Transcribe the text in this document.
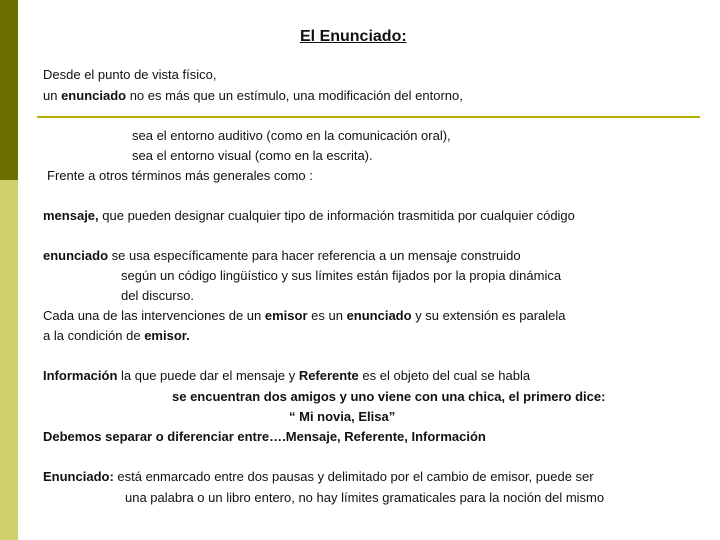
El Enunciado:
Desde el punto de vista físico,
un enunciado no es más que un estímulo, una modificación del entorno,
sea el entorno auditivo (como en la comunicación oral),
sea el entorno visual (como en la escrita).
Frente a otros términos más generales como :
mensaje, que pueden designar cualquier tipo de información trasmitida por cualquier código
enunciado se usa específicamente para hacer referencia a un mensaje construido
según un código lingüístico y sus límites están fijados por la propia dinámica
del discurso.
Cada una de las intervenciones de un emisor es un enunciado y su extensión es paralela
a la condición de emisor.
Información la que puede dar el mensaje y Referente es el objeto del cual se habla
se encuentran dos amigos y uno viene con una chica, el primero dice:
“ Mi novia, Elisa”
Debemos separar o diferenciar entre….Mensaje, Referente, Información
Enunciado: está enmarcado entre dos pausas y delimitado por el cambio de emisor, puede ser
una palabra o un libro entero, no hay límites gramaticales para la noción del mismo
